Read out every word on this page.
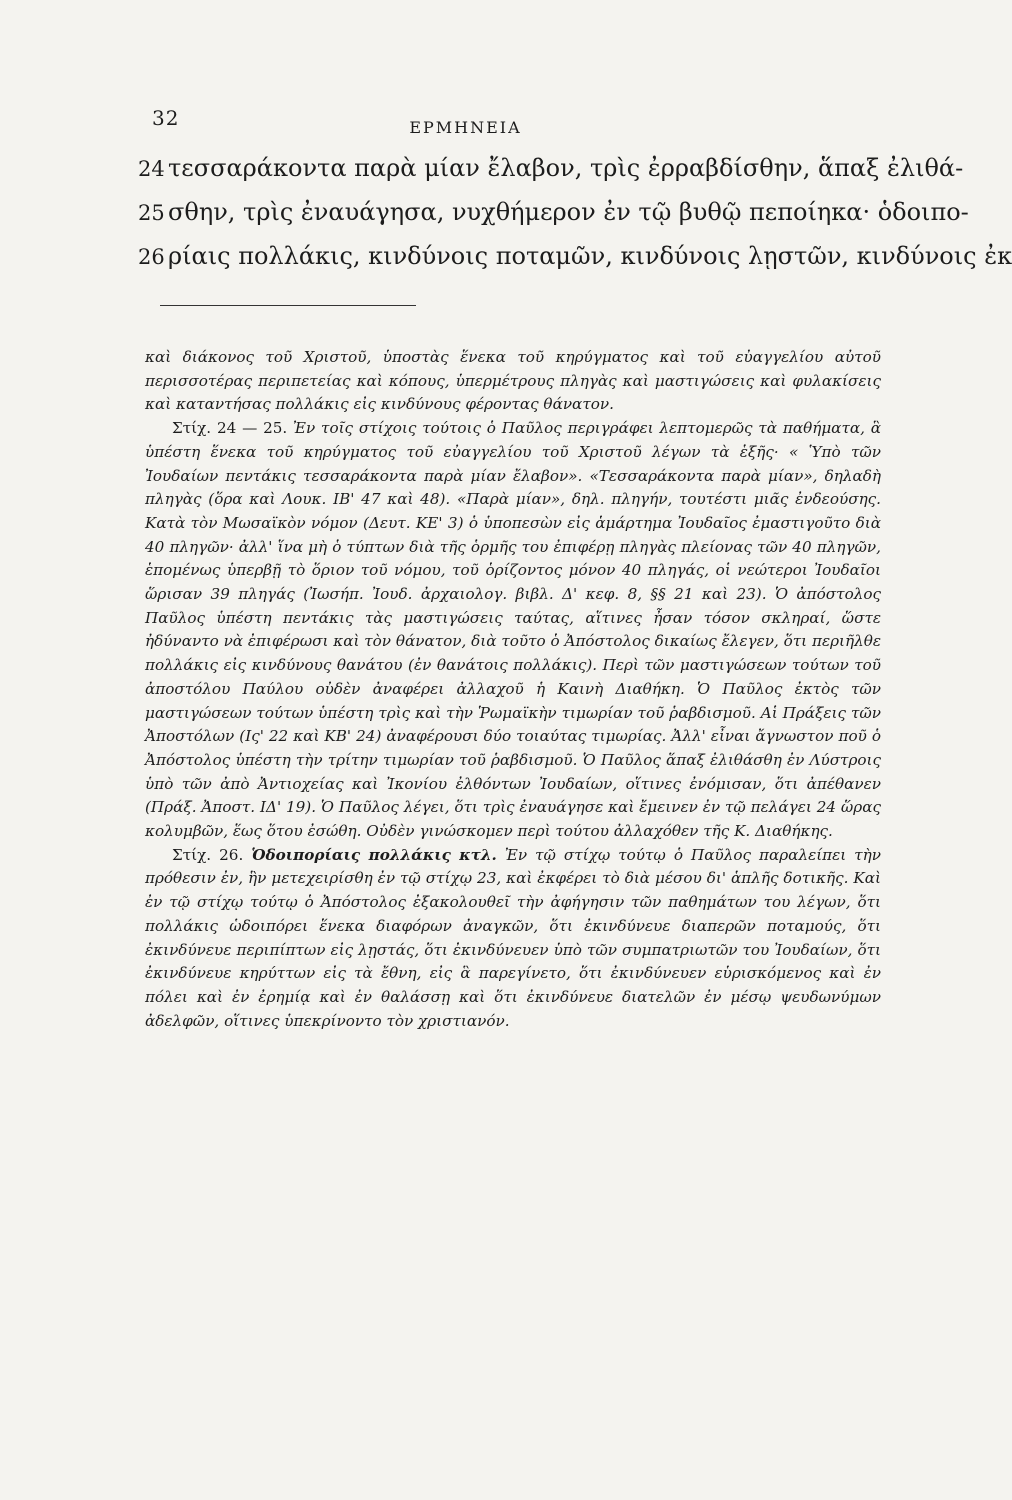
32	ΕΡΜΗΝΕΙΑ
24 τεσσαράκοντα παρὰ μίαν ἔλαβον, τρὶς ἐρραβδίσθην, ἅπαξ ἐλιθά-
25 σθην, τρὶς ἐναυάγησα, νυχθήμερον ἐν τῷ βυθῷ πεποίηκα· ὁδοιπο-
26 ρίαις πολλάκις, κινδύνοις ποταμῶν, κινδύνοις λῃστῶν, κινδύνοις ἐκ

καὶ διάκονος τοῦ Χριστοῦ, ὑποστὰς ἕνεκα τοῦ κηρύγματος καὶ τοῦ εὐαγγελίου αὐτοῦ περισσοτέρας περιπετείας καὶ κόπους, ὑπερμέτρους πληγὰς καὶ μαστιγώσεις καὶ φυλακίσεις καὶ καταντήσας πολλάκις εἰς κινδύνους φέροντας θάνατον.

Στίχ. 24 — 25. Ἐν τοῖς στίχοις τούτοις ὁ Παῦλος περιγράφει λεπτομερῶς τὰ παθήματα, ἃ ὑπέστη ἕνεκα τοῦ κηρύγματος τοῦ εὐαγγελίου τοῦ Χριστοῦ λέγων τὰ ἑξῆς· « Ὑπὸ τῶν Ἰουδαίων πεντάκις τεσσαράκοντα παρὰ μίαν ἔλαβον». «Τεσσαράκοντα παρὰ μίαν», δηλαδὴ πληγὰς (ὅρα καὶ Λουκ. ΙΒ' 47 καὶ 48). «Παρὰ μίαν», δηλ. πληγήν, τουτέστι μιᾶς ἐνδεούσης. Κατὰ τὸν Μωσαϊκὸν νόμον (Δευτ. ΚΕ' 3) ὁ ὑποπεσὼν εἰς ἁμάρτημα Ἰουδαῖος ἐμαστιγοῦτο διὰ 40 πληγῶν· ἀλλ' ἵνα μὴ ὁ τύπτων διὰ τῆς ὁρμῆς του ἐπιφέρῃ πληγὰς πλείονας τῶν 40 πληγῶν, ἑπομένως ὑπερβῇ τὸ ὅριον τοῦ νόμου, τοῦ ὁρίζοντος μόνον 40 πληγάς, οἱ νεώτεροι Ἰουδαῖοι ὥρισαν 39 πληγάς (Ἰωσήπ. Ἰουδ. ἀρχαιολογ. βιβλ. Δ' κεφ. 8, §§ 21 καὶ 23). Ὁ ἀπόστολος Παῦλος ὑπέστη πεντάκις τὰς μαστιγώσεις ταύτας, αἵτινες ἦσαν τόσον σκληραί, ὥστε ἠδύναντο νὰ ἐπιφέρωσι καὶ τὸν θάνατον, διὰ τοῦτο ὁ Ἀπόστολος δικαίως ἔλεγεν, ὅτι περιῆλθε πολλάκις εἰς κινδύνους θανάτου (ἐν θανάτοις πολλάκις). Περὶ τῶν μαστιγώσεων τούτων τοῦ ἀποστόλου Παύλου οὐδὲν ἀναφέρει ἀλλαχοῦ ἡ Καινὴ Διαθήκη. Ὁ Παῦλος ἐκτὸς τῶν μαστιγώσεων τούτων ὑπέστη τρὶς καὶ τὴν Ῥωμαϊκὴν τιμωρίαν τοῦ ῥαβδισμοῦ. Αἱ Πράξεις τῶν Ἀποστόλων (Ις' 22 καὶ ΚΒ' 24) ἀναφέρουσι δύο τοιαύτας τιμωρίας. Ἀλλ' εἶναι ἄγνωστον ποῦ ὁ Ἀπόστολος ὑπέστη τὴν τρίτην τιμωρίαν τοῦ ῥαβδισμοῦ. Ὁ Παῦλος ἅπαξ ἐλιθάσθη ἐν Λύστροις ὑπὸ τῶν ἀπὸ Ἀντιοχείας καὶ Ἰκονίου ἐλθόντων Ἰουδαίων, οἵτινες ἐνόμισαν, ὅτι ἀπέθανεν (Πράξ. Ἀποστ. ΙΔ' 19). Ὁ Παῦλος λέγει, ὅτι τρὶς ἐναυάγησε καὶ ἔμεινεν ἐν τῷ πελάγει 24 ὥρας κολυμβῶν, ἕως ὅτου ἐσώθη. Οὐδὲν γινώσκομεν περὶ τούτου ἀλλαχόθεν τῆς Κ. Διαθήκης.

Στίχ. 26. Ὁδοιπορίαις πολλάκις κτλ. Ἐν τῷ στίχῳ τούτῳ ὁ Παῦλος παραλείπει τὴν πρόθεσιν ἐν, ἣν μετεχειρίσθη ἐν τῷ στίχῳ 23, καὶ ἐκφέρει τὸ διὰ μέσου δι' ἁπλῆς δοτικῆς. Καὶ ἐν τῷ στίχῳ τούτῳ ὁ Ἀπόστολος ἐξακολουθεῖ τὴν ἀφήγησιν τῶν παθημάτων του λέγων, ὅτι πολλάκις ὡδοιπόρει ἕνεκα διαφόρων ἀναγκῶν, ὅτι ἐκινδύνευε διαπερῶν ποταμούς, ὅτι ἐκινδύνευε περιπίπτων εἰς λῃστάς, ὅτι ἐκινδύνευεν ὑπὸ τῶν συμπατριωτῶν του Ἰουδαίων, ὅτι ἐκινδύνευε κηρύττων εἰς τὰ ἔθνη, εἰς ἃ παρεγίνετο, ὅτι ἐκινδύνευεν εὑρισκόμενος καὶ ἐν πόλει καὶ ἐν ἐρημίᾳ καὶ ἐν θαλάσσῃ καὶ ὅτι ἐκινδύνευε διατελῶν ἐν μέσῳ ψευδωνύμων ἀδελφῶν, οἵτινες ὑπεκρίνοντο τὸν χριστιανόν.
